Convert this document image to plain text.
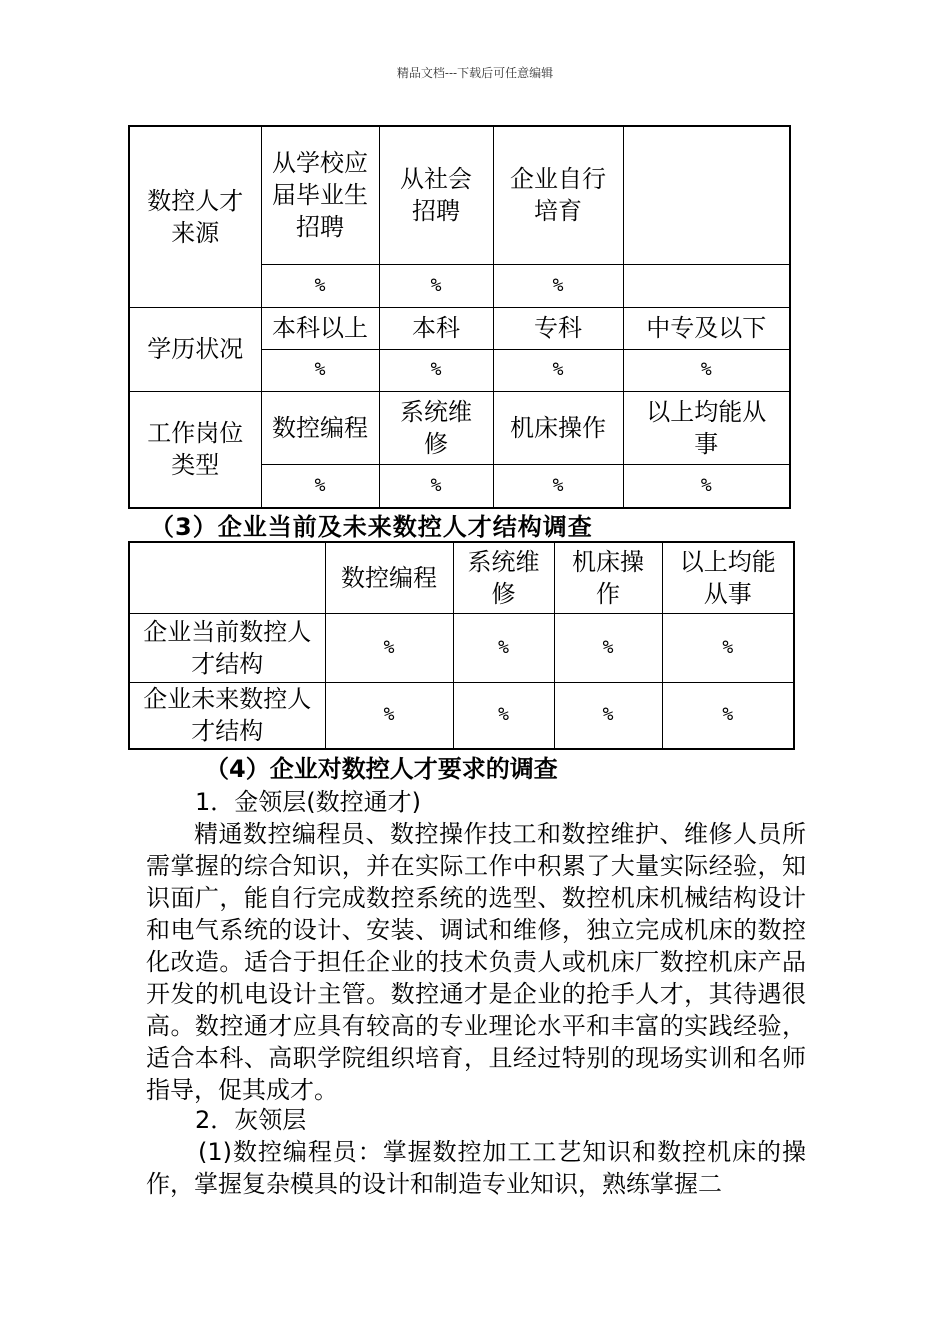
精品文档---下载后可任意编辑
数控人才来源	从学校应届毕业生招聘	从社会招聘	企业自行培育	
	%	%	%	
学历状况	本科以上	本科	专科	中专及以下
	%	%	%	%
工作岗位类型	数控编程	系统维修	机床操作	以上均能从事
	%	%	%	%
（3）企业当前及未来数控人才结构调查
	数控编程	系统维修	机床操作	以上均能从事
企业当前数控人才结构	%	%	%	%
企业未来数控人才结构	%	%	%	%
（4）企业对数控人才要求的调查
1．金领层(数控通才)

精通数控编程员、数控操作技工和数控维护、维修人员所需掌握的综合知识，并在实际工作中积累了大量实际经验，知识面广，能自行完成数控系统的选型、数控机床机械结构设计和电气系统的设计、安装、调试和维修，独立完成机床的数控化改造。适合于担任企业的技术负责人或机床厂数控机床产品开发的机电设计主管。数控通才是企业的抢手人才，其待遇很高。数控通才应具有较高的专业理论水平和丰富的实践经验，适合本科、高职学院组织培育，且经过特别的现场实训和名师指导，促其成才。

2．灰领层

(1)数控编程员：掌握数控加工工艺知识和数控机床的操作，掌握复杂模具的设计和制造专业知识，熟练掌握二
